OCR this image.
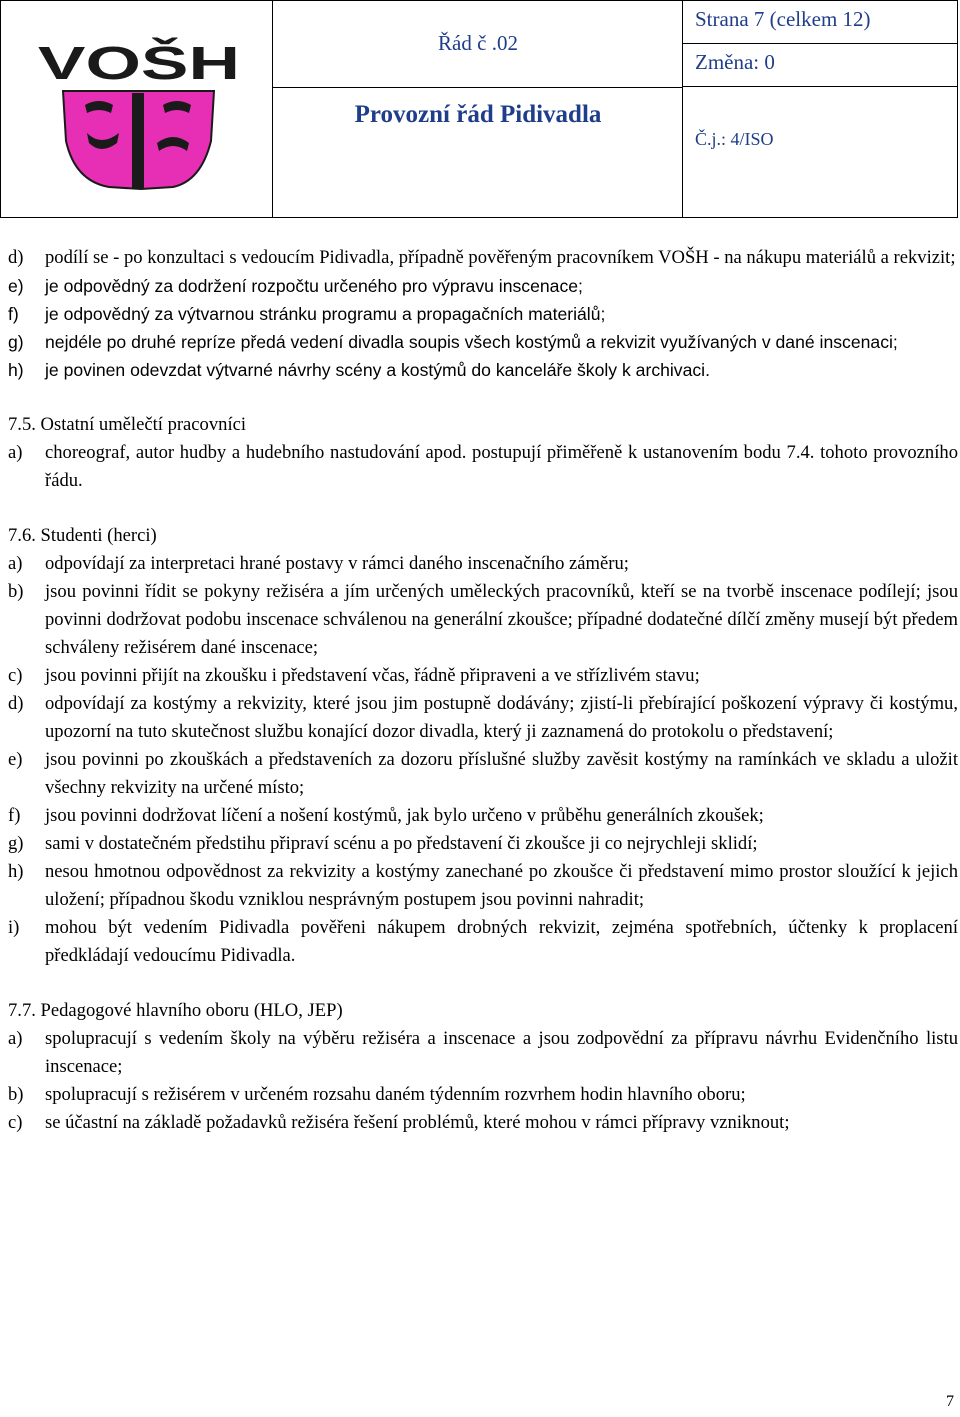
VOŠH	Řád č .02
Provozní řád Pidivadla
Strana 7 (celkem 12)
Změna: 0
Č.j.: 4/ISO
d)	podílí se - po konzultaci s vedoucím Pidivadla, případně pověřeným pracovníkem VOŠH - na nákupu materiálů a rekvizit;
e)	je odpovědný za dodržení rozpočtu určeného pro výpravu inscenace;
f)	je odpovědný za výtvarnou stránku programu a propagačních materiálů;
g)	nejdéle po druhé repríze předá vedení divadla soupis všech kostýmů a rekvizit využívaných v dané inscenaci;
h)	je povinen odevzdat výtvarné návrhy scény a kostýmů do kanceláře školy k archivaci.
7.5. Ostatní umělečtí pracovníci
a)	choreograf, autor hudby a hudebního nastudování apod. postupují přiměřeně k ustanovením bodu 7.4. tohoto provozního řádu.
7.6. Studenti (herci)
a)	odpovídají za interpretaci hrané postavy v rámci daného inscenačního záměru;
b)	jsou povinni řídit se pokyny režiséra a jím určených uměleckých pracovníků, kteří se na tvorbě inscenace podílejí; jsou povinni dodržovat podobu inscenace schválenou na generální zkoušce; případné dodatečné dílčí změny musejí být předem schváleny režisérem dané inscenace;
c)	jsou povinni přijít na zkoušku i představení včas, řádně připraveni a ve střízlivém stavu;
d)	odpovídají za kostýmy a rekvizity, které jsou jim postupně dodávány; zjistí-li přebírající poškození výpravy či kostýmu, upozorní na tuto skutečnost službu konající dozor divadla, který ji zaznamená do protokolu o představení;
e)	jsou povinni po zkouškách a představeních za dozoru příslušné služby zavěsit kostýmy na ramínkách ve skladu a uložit všechny rekvizity na určené místo;
f)	jsou povinni dodržovat líčení a nošení kostýmů, jak bylo určeno v průběhu generálních zkoušek;
g)	sami v dostatečném předstihu připraví scénu a po představení či zkoušce ji co nejrychleji sklidí;
h)	nesou hmotnou odpovědnost za rekvizity a kostýmy zanechané po zkoušce či představení mimo prostor sloužící k jejich uložení; případnou škodu vzniklou nesprávným postupem jsou povinni nahradit;
i)	mohou být vedením Pidivadla pověřeni nákupem drobných rekvizit, zejména spotřebních, účtenky k proplacení předkládají vedoucímu Pidivadla.
7.7. Pedagogové hlavního oboru (HLO, JEP)
a)	spolupracují s vedením školy na výběru režiséra a inscenace a jsou zodpovědní za přípravu návrhu Evidenčního listu inscenace;
b)	spolupracují s režisérem v určeném rozsahu daném týdenním rozvrhem hodin hlavního oboru;
c)	se účastní na základě požadavků režiséra řešení problémů, které mohou v rámci přípravy vzniknout;
7
